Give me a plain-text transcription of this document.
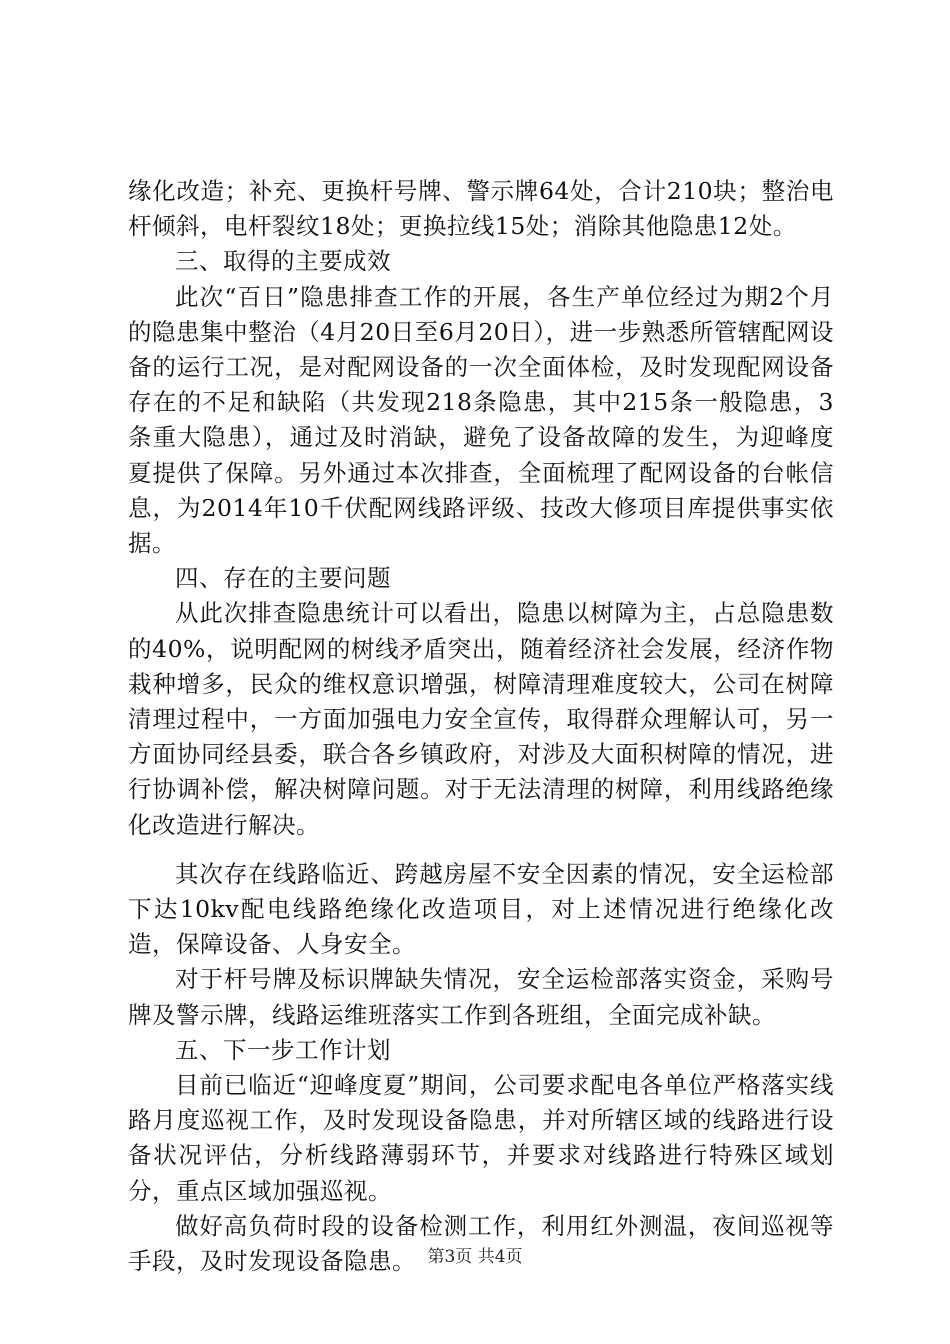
缘化改造；补充、更换杆号牌、警示牌64处，合计210块；整治电杆倾斜，电杆裂纹18处；更换拉线15处；消除其他隐患12处。

三、取得的主要成效

此次“百日”隐患排查工作的开展，各生产单位经过为期2个月的隐患集中整治（4月20日至6月20日），进一步熟悉所管辖配网设备的运行工况，是对配网设备的一次全面体检，及时发现配网设备存在的不足和缺陷（共发现218条隐患，其中215条一般隐患，3条重大隐患），通过及时消缺，避免了设备故障的发生，为迎峰度夏提供了保障。另外通过本次排查，全面梳理了配网设备的台帐信息，为2014年10千伏配网线路评级、技改大修项目库提供事实依据。

四、存在的主要问题

从此次排查隐患统计可以看出，隐患以树障为主，占总隐患数的40%，说明配网的树线矛盾突出，随着经济社会发展，经济作物栽种增多，民众的维权意识增强，树障清理难度较大，公司在树障清理过程中，一方面加强电力安全宣传，取得群众理解认可，另一方面协同经县委，联合各乡镇政府，对涉及大面积树障的情况，进行协调补偿，解决树障问题。对于无法清理的树障，利用线路绝缘化改造进行解决。

其次存在线路临近、跨越房屋不安全因素的情况，安全运检部下达10kv配电线路绝缘化改造项目，对上述情况进行绝缘化改造，保障设备、人身安全。

对于杆号牌及标识牌缺失情况，安全运检部落实资金，采购号牌及警示牌，线路运维班落实工作到各班组，全面完成补缺。

五、下一步工作计划

目前已临近“迎峰度夏”期间，公司要求配电各单位严格落实线路月度巡视工作，及时发现设备隐患，并对所辖区域的线路进行设备状况评估，分析线路薄弱环节，并要求对线路进行特殊区域划分，重点区域加强巡视。

做好高负荷时段的设备检测工作，利用红外测温，夜间巡视等手段，及时发现设备隐患。 第3页 共4页
